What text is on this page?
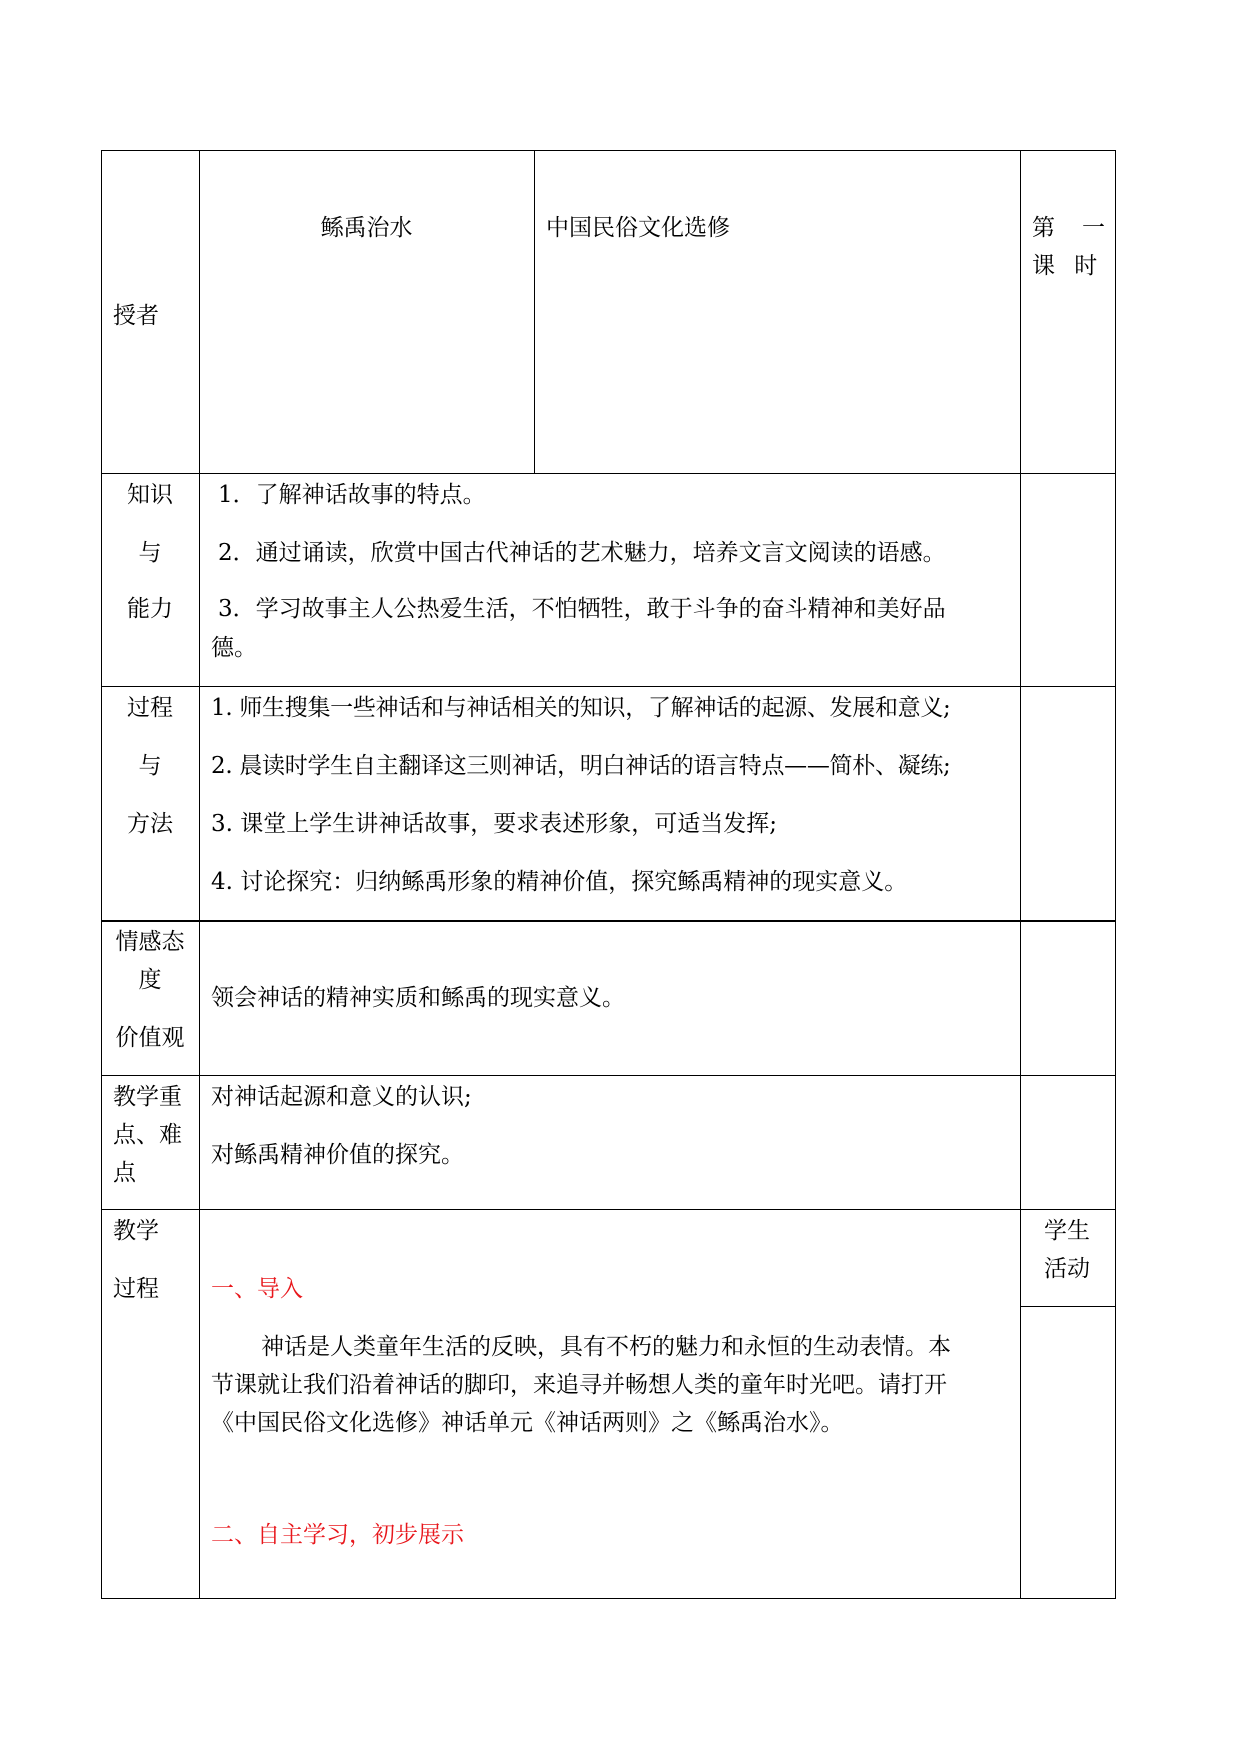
授者
鲧禹治水	中国民俗文化选修	第　一
课 时
知识
与
能力
1．了解神话故事的特点。
2．通过诵读，欣赏中国古代神话的艺术魅力，培养文言文阅读的语感。
3．学习故事主人公热爱生活，不怕牺牲，敢于斗争的奋斗精神和美好品
德。
过程
与
方法
1. 师生搜集一些神话和与神话相关的知识，了解神话的起源、发展和意义;
2. 晨读时学生自主翻译这三则神话，明白神话的语言特点——简朴、凝练;
3. 课堂上学生讲神话故事，要求表述形象，可适当发挥;
4. 讨论探究：归纳鲧禹形象的精神价值，探究鲧禹精神的现实意义。
情感态
度
价值观
领会神话的精神实质和鲧禹的现实意义。
教学重
点、难
点
对神话起源和意义的认识;
对鲧禹精神价值的探究。
教学
过程
学生
活动
一、导入
神话是人类童年生活的反映，具有不朽的魅力和永恒的生动表情。本
节课就让我们沿着神话的脚印，来追寻并畅想人类的童年时光吧。请打开
《中国民俗文化选修》神话单元《神话两则》之《鲧禹治水》。
二、自主学习，初步展示
